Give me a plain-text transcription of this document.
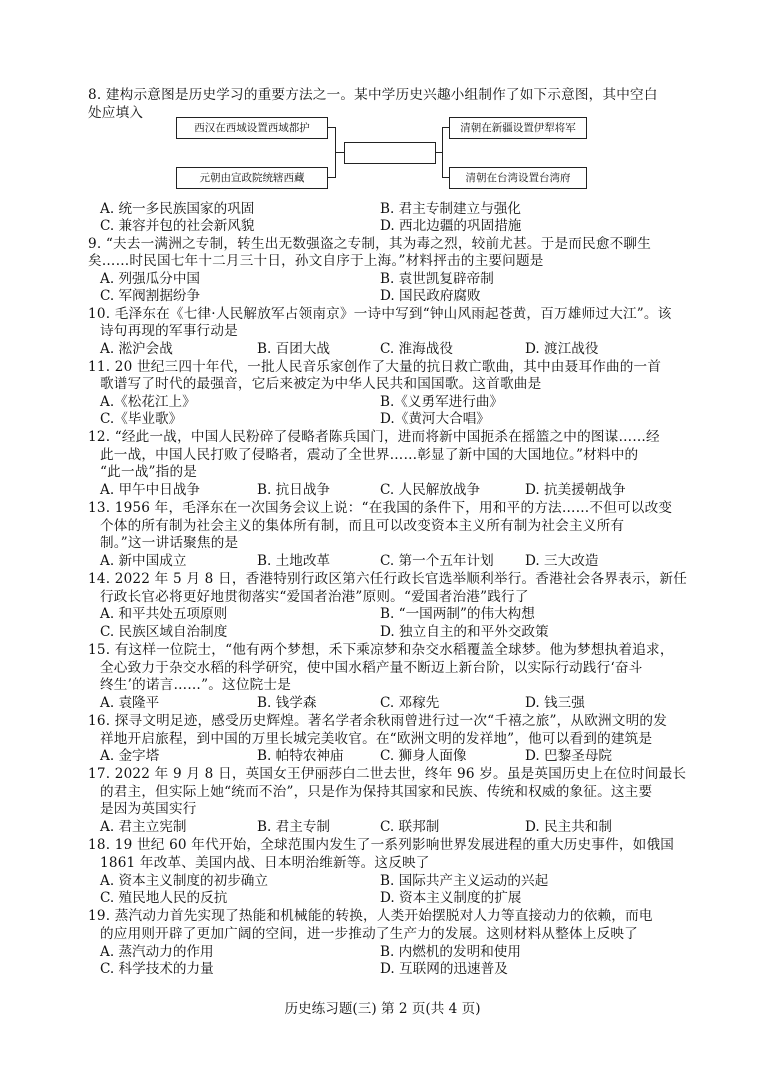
8. 建构示意图是历史学习的重要方法之一。某中学历史兴趣小组制作了如下示意图，其中空白
处应填入
西汉在西域设置西域都护
元朝由宣政院统辖西藏
清朝在新疆设置伊犁将军
清朝在台湾设置台湾府
A. 统一多民族国家的巩固	B. 君主专制建立与强化
C. 兼容并包的社会新风貌	D. 西北边疆的巩固措施
9. “夫去一满洲之专制，转生出无数强盗之专制，其为毒之烈，较前尤甚。于是而民愈不聊生
矣……时民国七年十二月三十日，孙文自序于上海。”材料抨击的主要问题是
A. 列强瓜分中国	B. 袁世凯复辟帝制
C. 军阀割据纷争	D. 国民政府腐败
10. 毛泽东在《七律·人民解放军占领南京》一诗中写到“钟山风雨起苍黄，百万雄师过大江”。该
诗句再现的军事行动是
A. 淞沪会战	B. 百团大战	C. 淮海战役	D. 渡江战役
11. 20 世纪三四十年代，一批人民音乐家创作了大量的抗日救亡歌曲，其中由聂耳作曲的一首
歌谱写了时代的最强音，它后来被定为中华人民共和国国歌。这首歌曲是
A.《松花江上》	B.《义勇军进行曲》
C.《毕业歌》	D.《黄河大合唱》
12. “经此一战，中国人民粉碎了侵略者陈兵国门，进而将新中国扼杀在摇篮之中的图谋……经
此一战，中国人民打败了侵略者，震动了全世界……彰显了新中国的大国地位。”材料中的
“此一战”指的是
A. 甲午中日战争	B. 抗日战争	C. 人民解放战争	D. 抗美援朝战争
13. 1956 年，毛泽东在一次国务会议上说：“在我国的条件下，用和平的方法……不但可以改变
个体的所有制为社会主义的集体所有制，而且可以改变资本主义所有制为社会主义所有
制。”这一讲话聚焦的是
A. 新中国成立	B. 土地改革	C. 第一个五年计划 D. 三大改造
14. 2022 年 5 月 8 日，香港特别行政区第六任行政长官选举顺利举行。香港社会各界表示，新任
行政长官必将更好地贯彻落实“爱国者治港”原则。“爱国者治港”践行了
A. 和平共处五项原则	B. “一国两制”的伟大构想
C. 民族区域自治制度	D. 独立自主的和平外交政策
15. 有这样一位院士，“他有两个梦想，禾下乘凉梦和杂交水稻覆盖全球梦。他为梦想执着追求，
全心致力于杂交水稻的科学研究，使中国水稻产量不断迈上新台阶，以实际行动践行‘奋斗
终生’的诺言……”。这位院士是
A. 袁隆平	B. 钱学森	C. 邓稼先	D. 钱三强
16. 探寻文明足迹，感受历史辉煌。著名学者余秋雨曾进行过一次“千禧之旅”，从欧洲文明的发
祥地开启旅程，到中国的万里长城完美收官。在“欧洲文明的发祥地”，他可以看到的建筑是
A. 金字塔	B. 帕特农神庙	C. 狮身人面像	D. 巴黎圣母院
17. 2022 年 9 月 8 日，英国女王伊丽莎白二世去世，终年 96 岁。虽是英国历史上在位时间最长
的君主，但实际上她“统而不治”，只是作为保持其国家和民族、传统和权威的象征。这主要
是因为英国实行
A. 君主立宪制	B. 君主专制	C. 联邦制	D. 民主共和制
18. 19 世纪 60 年代开始，全球范围内发生了一系列影响世界发展进程的重大历史事件，如俄国
1861 年改革、美国内战、日本明治维新等。这反映了
A. 资本主义制度的初步确立	B. 国际共产主义运动的兴起
C. 殖民地人民的反抗	D. 资本主义制度的扩展
19. 蒸汽动力首先实现了热能和机械能的转换，人类开始摆脱对人力等直接动力的依赖，而电
的应用则开辟了更加广阔的空间，进一步推动了生产力的发展。这则材料从整体上反映了
A. 蒸汽动力的作用	B. 内燃机的发明和使用
C. 科学技术的力量	D. 互联网的迅速普及
历史练习题(三) 第 2 页(共 4 页)
